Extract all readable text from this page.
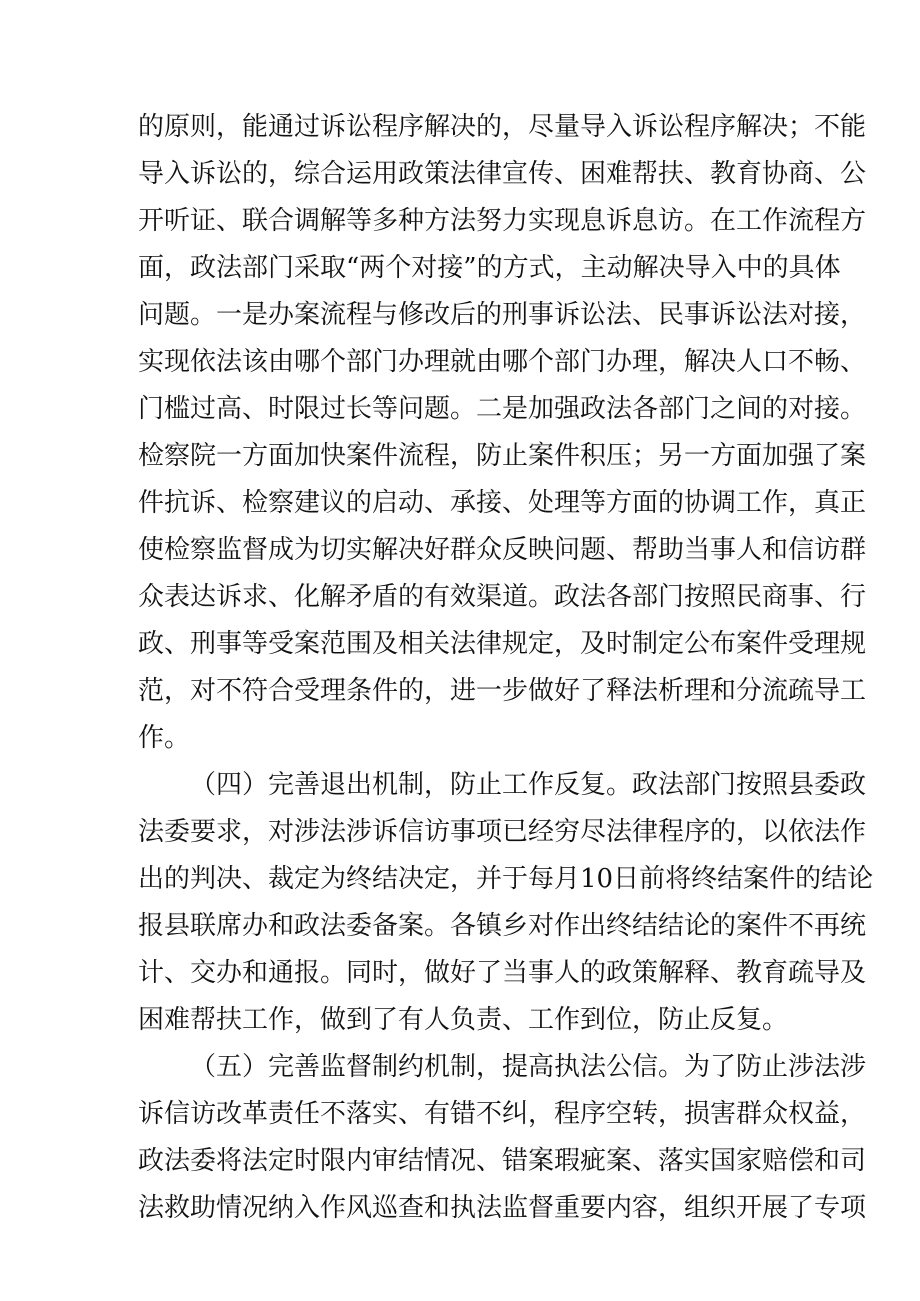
的原则，能通过诉讼程序解决的，尽量导入诉讼程序解决；不能
导入诉讼的，综合运用政策法律宣传、困难帮扶、教育协商、公
开听证、联合调解等多种方法努力实现息诉息访。在工作流程方
面，政法部门采取“两个对接”的方式，主动解决导入中的具体
问题。一是办案流程与修改后的刑事诉讼法、民事诉讼法对接，
实现依法该由哪个部门办理就由哪个部门办理，解决人口不畅、
门槛过高、时限过长等问题。二是加强政法各部门之间的对接。
检察院一方面加快案件流程，防止案件积压；另一方面加强了案
件抗诉、检察建议的启动、承接、处理等方面的协调工作，真正
使检察监督成为切实解决好群众反映问题、帮助当事人和信访群
众表达诉求、化解矛盾的有效渠道。政法各部门按照民商事、行
政、刑事等受案范围及相关法律规定，及时制定公布案件受理规
范，对不符合受理条件的，进一步做好了释法析理和分流疏导工
作。
（四）完善退出机制，防止工作反复。政法部门按照县委政
法委要求，对涉法涉诉信访事项已经穷尽法律程序的，以依法作
出的判决、裁定为终结决定，并于每月10日前将终结案件的结论
报县联席办和政法委备案。各镇乡对作出终结结论的案件不再统
计、交办和通报。同时，做好了当事人的政策解释、教育疏导及
困难帮扶工作，做到了有人负责、工作到位，防止反复。
（五）完善监督制约机制，提高执法公信。为了防止涉法涉
诉信访改革责任不落实、有错不纠，程序空转，损害群众权益，
政法委将法定时限内审结情况、错案瑕疵案、落实国家赔偿和司
法救助情况纳入作风巡查和执法监督重要内容，组织开展了专项
